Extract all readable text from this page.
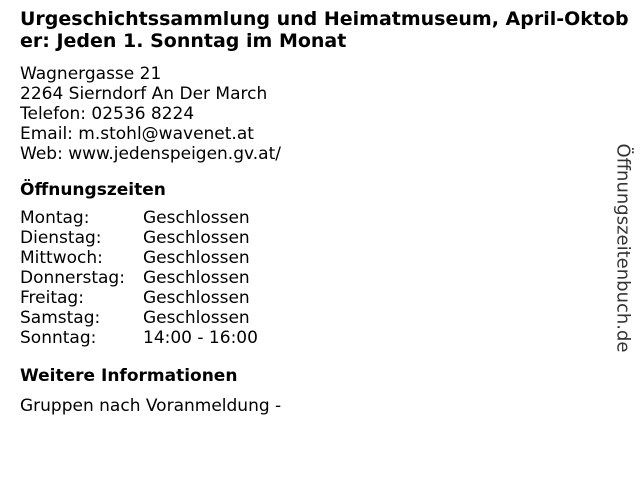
Urgeschichtssammlung und Heimatmuseum, April-Oktober: Jeden 1. Sonntag im Monat
Wagnergasse 21
2264 Sierndorf An Der March
Telefon: 02536 8224
Email: m.stohl@wavenet.at
Web: www.jedenspeigen.gv.at/
Öffnungszeiten
Montag:	Geschlossen
Dienstag:	Geschlossen
Mittwoch:	Geschlossen
Donnerstag:	Geschlossen
Freitag:	Geschlossen
Samstag:	Geschlossen
Sonntag:	14:00 - 16:00
Weitere Informationen
Gruppen nach Voranmeldung -
Öffnungszeitenbuch.de
